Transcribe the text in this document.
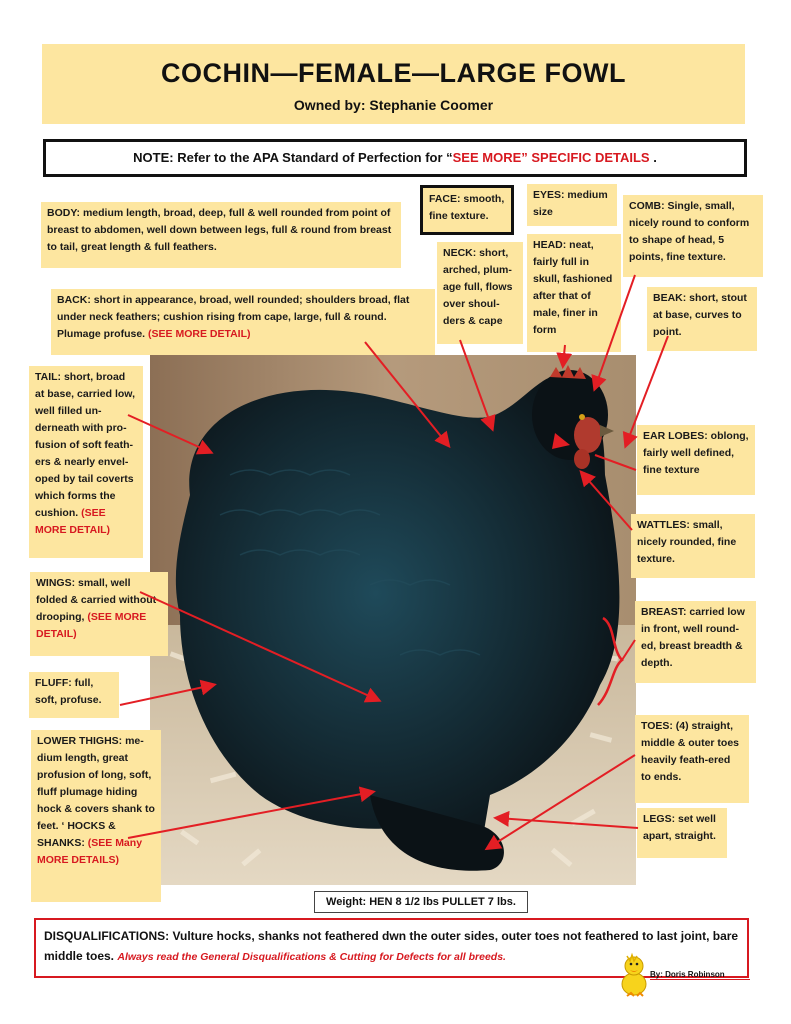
COCHIN—FEMALE—LARGE FOWL
Owned by: Stephanie Coomer
NOTE: Refer to the APA Standard of Perfection for “SEE MORE” SPECIFIC DETAILS .
BODY: medium length, broad, deep, full & well rounded from point of breast to abdomen, well down between legs, full & round from breast to tail, great length & full feathers.
FACE: smooth, fine texture.
EYES: medium size	COMB: Single, small, nicely round to conform to shape of head, 5 points, fine texture.
NECK: short, arched, plum-age full, flows over shoul-ders & cape
HEAD: neat, fairly full in skull, fashioned after that of male, finer in form
BEAK: short, stout at base, curves to point.
BACK: short in appearance, broad, well rounded; shoulders broad, flat under neck feathers; cushion rising from cape, large, full & round. Plumage profuse. (SEE MORE DETAIL)
TAIL: short, broad at base, carried low, well filled un-derneath with pro-fusion of soft feath-ers & nearly envel-oped by tail coverts which forms the cushion. (SEE MORE DETAIL)
EAR LOBES: oblong, fairly well defined, fine texture
WATTLES: small, nicely rounded, fine texture.
WINGS: small, well folded & carried without drooping, (SEE MORE DETAIL)
BREAST: carried low in front, well round-ed, breast breadth & depth.
FLUFF: full, soft, profuse.
LOWER THIGHS: me-dium length, great profusion of long, soft, fluff plumage hiding hock & covers shank to feet. ‘ HOCKS & SHANKS: (SEE Many MORE DETAILS)
TOES: (4) straight, middle & outer toes heavily feath-ered to ends.
LEGS: set well apart, straight.
Weight: HEN 8 1/2 lbs PULLET 7 lbs.
DISQUALIFICATIONS: Vulture hocks, shanks not feathered dwn the outer sides, outer toes not feathered to last joint, bare middle toes. Always read the General Disqualifications & Cutting for Defects for all breeds.
By: Doris Robinson
